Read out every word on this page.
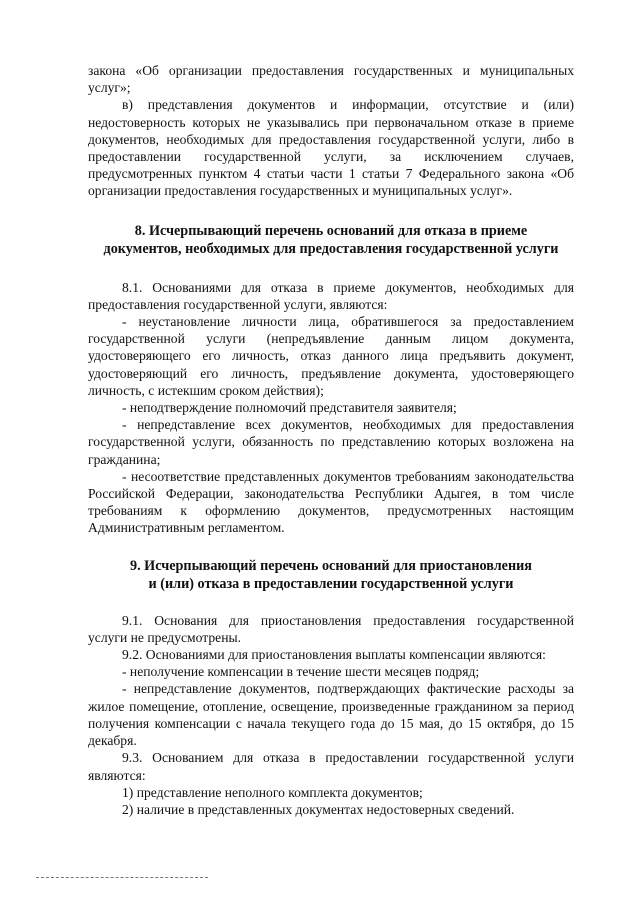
закона «Об организации предоставления государственных и муниципальных услуг»;

в) представления документов и информации, отсутствие и (или) недостоверность которых не указывались при первоначальном отказе в приеме документов, необходимых для предоставления государственной услуги, либо в предоставлении государственной услуги, за исключением случаев, предусмотренных пунктом 4 статьи части 1 статьи 7 Федерального закона «Об организации предоставления государственных и муниципальных услуг».

8. Исчерпывающий перечень оснований для отказа в приеме
документов, необходимых для предоставления государственной услуги

8.1. Основаниями для отказа в приеме документов, необходимых для предоставления государственной услуги, являются:

- неустановление личности лица, обратившегося за предоставлением государственной услуги (непредъявление данным лицом документа, удостоверяющего его личность, отказ данного лица предъявить документ, удостоверяющий его личность, предъявление документа, удостоверяющего личность, с истекшим сроком действия);

- неподтверждение полномочий представителя заявителя;

- непредставление всех документов, необходимых для предоставления государственной услуги, обязанность по представлению которых возложена на гражданина;

- несоответствие представленных документов требованиям законодательства Российской Федерации, законодательства Республики Адыгея, в том числе требованиям к оформлению документов, предусмотренных настоящим Административным регламентом.

9. Исчерпывающий перечень оснований для приостановления
и (или) отказа в предоставлении государственной услуги

9.1. Основания для приостановления предоставления государственной услуги не предусмотрены.

9.2. Основаниями для приостановления выплаты компенсации являются:

- неполучение компенсации в течение шести месяцев подряд;

- непредставление документов, подтверждающих фактические расходы за жилое помещение, отопление, освещение, произведенные гражданином за период получения компенсации с начала текущего года до 15 мая, до 15 октября, до 15 декабря.

9.3. Основанием для отказа в предоставлении государственной услуги являются:

1) представление неполного комплекта документов;

2) наличие в представленных документах недостоверных сведений.
